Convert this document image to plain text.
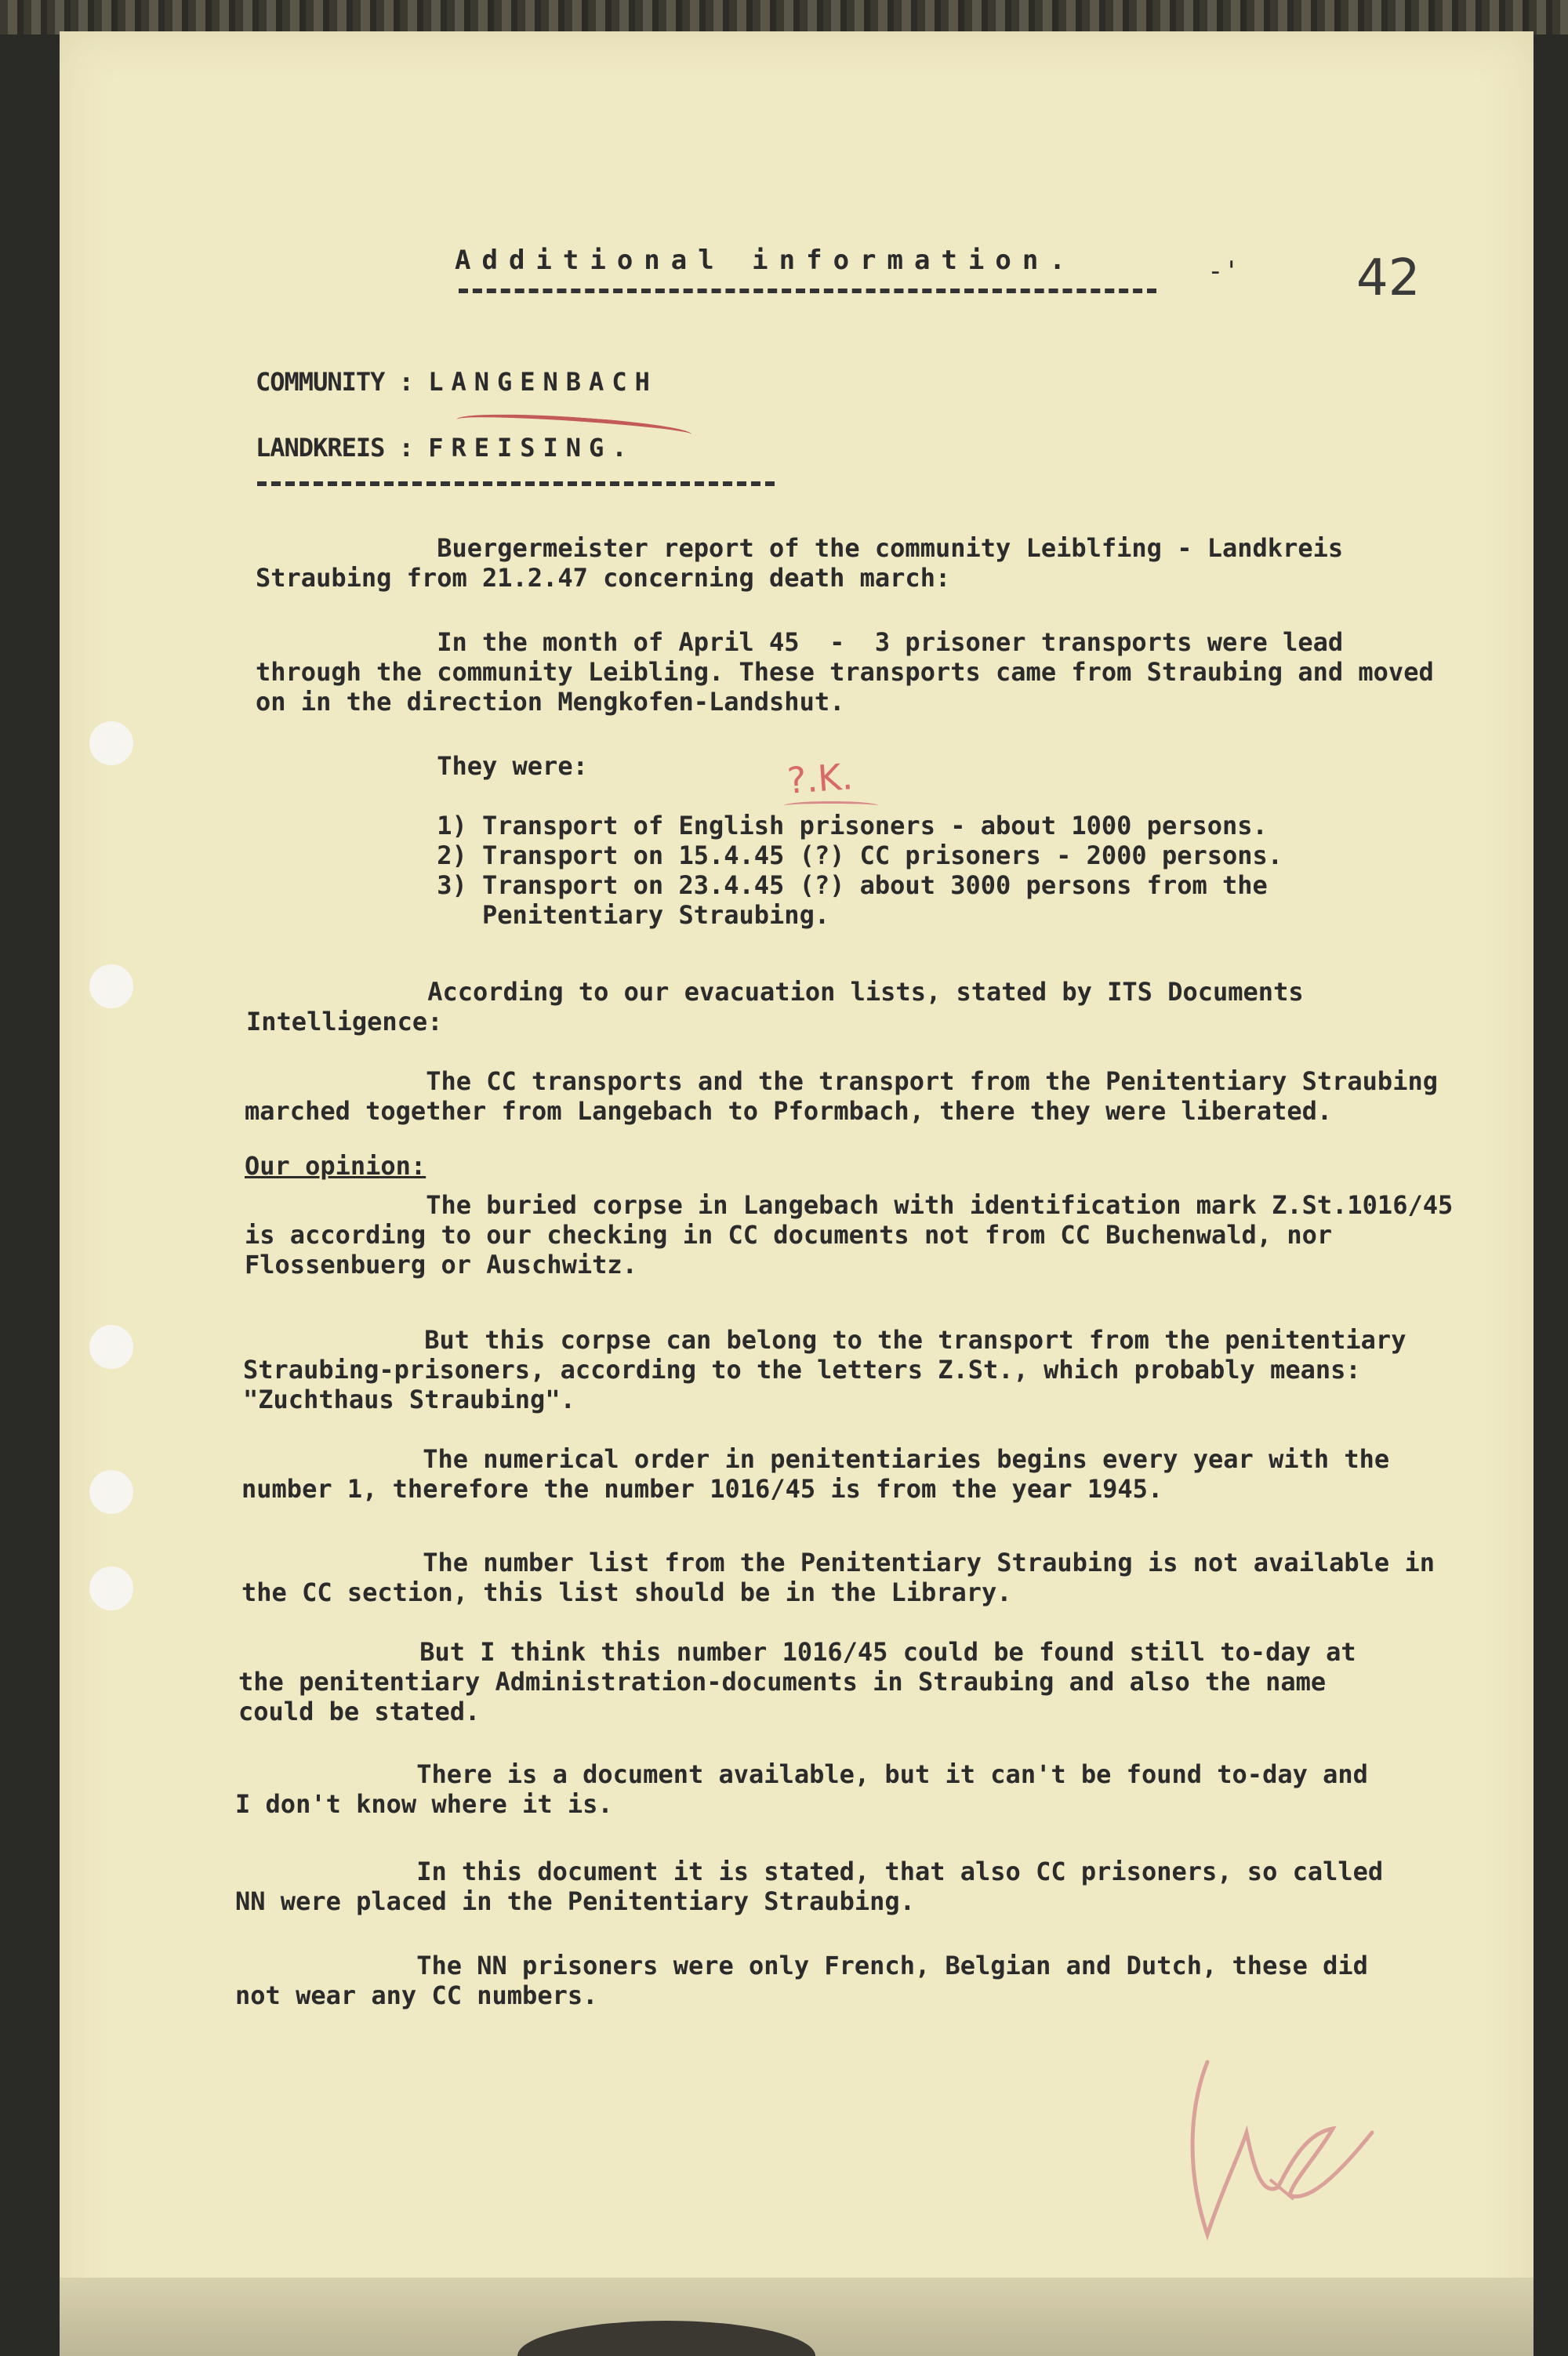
Additional information.	-' 42
COMMUNITY : LANGENBACH
LANDKREIS : FREISING.
Buergermeister report of the community Leiblfing - Landkreis
Straubing from 21.2.47 concerning death march:
In the month of April 45  -  3 prisoner transports were lead
through the community Leibling. These transports came from Straubing and moved
on in the direction Mengkofen-Landshut.
They were:	?.K.
1) Transport of English prisoners - about 1000 persons.
2) Transport on 15.4.45 (?) CC prisoners - 2000 persons.
3) Transport on 23.4.45 (?) about 3000 persons from the
Penitentiary Straubing.
According to our evacuation lists, stated by ITS Documents
Intelligence:
The CC transports and the transport from the Penitentiary Straubing
marched together from Langebach to Pformbach, there they were liberated.
Our opinion:
The buried corpse in Langebach with identification mark Z.St.1016/45
is according to our checking in CC documents not from CC Buchenwald, nor
Flossenbuerg or Auschwitz.
But this corpse can belong to the transport from the penitentiary
Straubing-prisoners, according to the letters Z.St., which probably means:
"Zuchthaus Straubing".
The numerical order in penitentiaries begins every year with the
number 1, therefore the number 1016/45 is from the year 1945.
The number list from the Penitentiary Straubing is not available in
the CC section, this list should be in the Library.
But I think this number 1016/45 could be found still to-day at
the penitentiary Administration-documents in Straubing and also the name
could be stated.
There is a document available, but it can't be found to-day and
I don't know where it is.
In this document it is stated, that also CC prisoners, so called
NN were placed in the Penitentiary Straubing.
The NN prisoners were only French, Belgian and Dutch, these did
not wear any CC numbers.
